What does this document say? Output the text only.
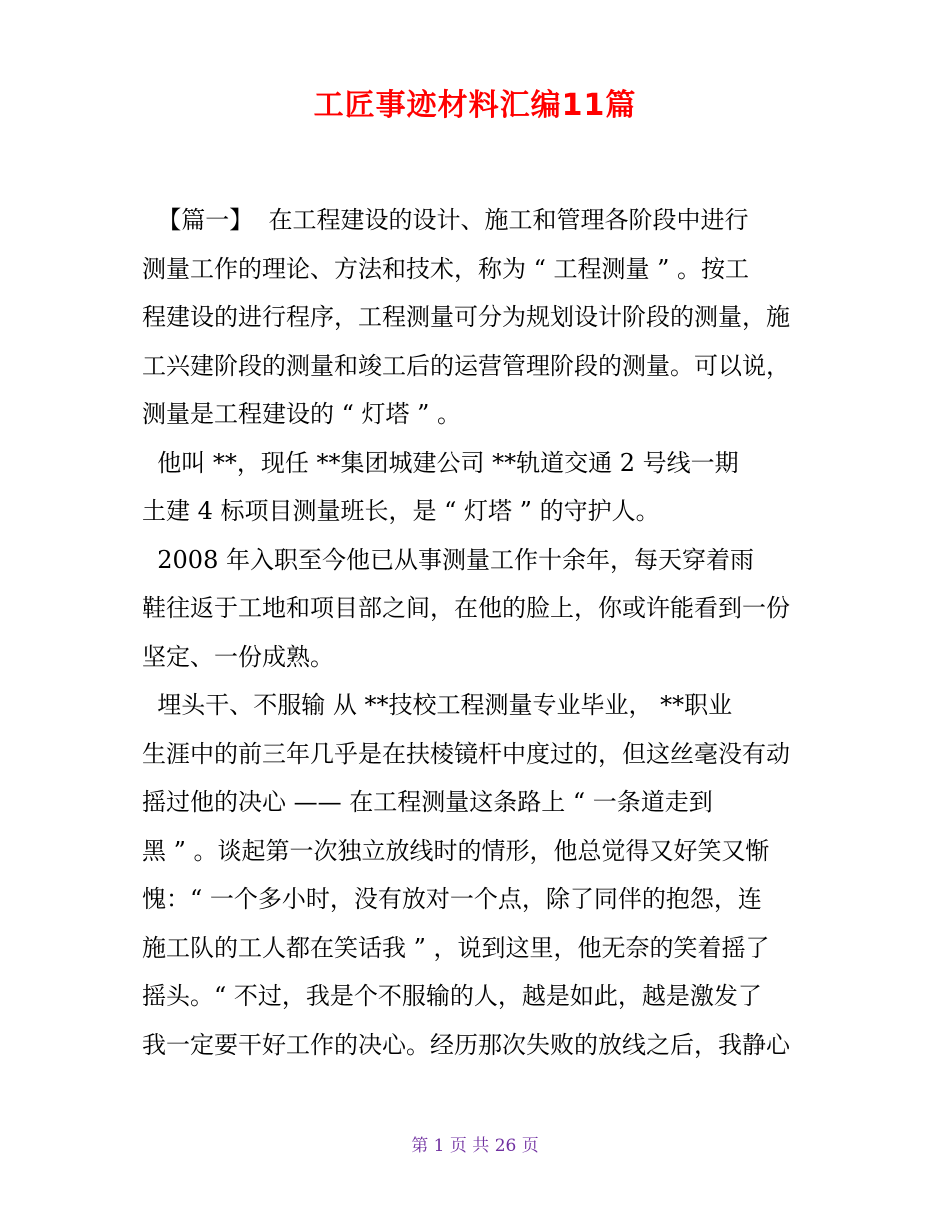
工匠事迹材料汇编11篇
【篇一】  在工程建设的设计、施工和管理各阶段中进行
测量工作的理论、方法和技术，称为 “ 工程测量 ” 。按工
程建设的进行程序，工程测量可分为规划设计阶段的测量，施
工兴建阶段的测量和竣工后的运营管理阶段的测量。可以说，
测量是工程建设的 “ 灯塔 ” 。
他叫 **，现任 **集团城建公司 **轨道交通 2 号线一期
土建 4 标项目测量班长，是 “ 灯塔 ” 的守护人。
2008 年入职至今他已从事测量工作十余年，每天穿着雨
鞋往返于工地和项目部之间，在他的脸上，你或许能看到一份
坚定、一份成熟。
埋头干、不服输 从 **技校工程测量专业毕业， **职业
生涯中的前三年几乎是在扶棱镜杆中度过的，但这丝毫没有动
摇过他的决心 —— 在工程测量这条路上 “ 一条道走到
黑 ” 。谈起第一次独立放线时的情形，他总觉得又好笑又惭
愧：“ 一个多小时，没有放对一个点，除了同伴的抱怨，连
施工队的工人都在笑话我 ” ，说到这里，他无奈的笑着摇了
摇头。“ 不过，我是个不服输的人，越是如此，越是激发了
我一定要干好工作的决心。经历那次失败的放线之后，我静心
第 1 页 共 26 页
